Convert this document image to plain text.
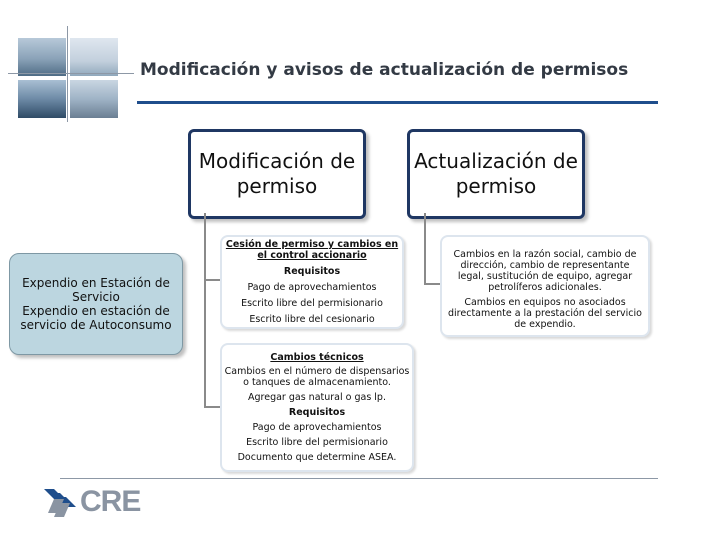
Modificación y avisos de actualización de permisos
Modificación de permiso
Actualización de permiso
Expendio en Estación de Servicio
Expendio en estación de servicio de Autoconsumo

Cesión de permiso y cambios en el control accionario

Requisitos

Pago de aprovechamientos

Escrito libre del permisionario

Escrito libre del cesionario

Cambios técnicos

Cambios en el número de dispensarios o tanques de almacenamiento.

Agregar gas natural o gas lp.

Requisitos

Pago de aprovechamientos

Escrito libre del permisionario

Documento que determine ASEA.

Cambios en la razón social, cambio de dirección, cambio de representante legal, sustitución de equipo, agregar petrolíferos adicionales.

Cambios en equipos no asociados directamente a la prestación del servicio de expendio.

CRE
